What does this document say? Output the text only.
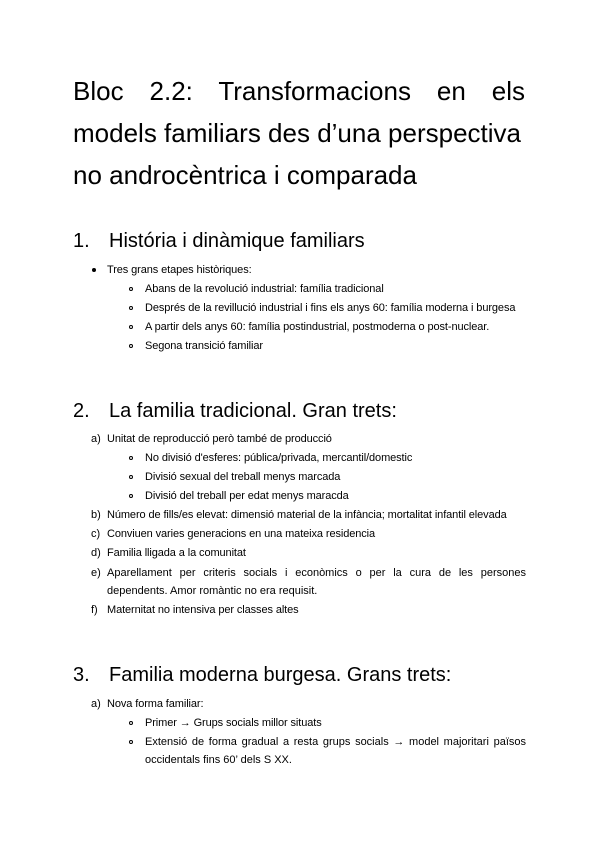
Bloc 2.2: Transformacions en els
models familiars des d’una perspectiva
no androcèntrica i comparada
1. História i dinàmique familiars
Tres grans etapes històriques:
Abans de la revolució industrial: família tradicional
Després de la revillució industrial i fins els anys 60: família moderna i burgesa
A partir dels anys 60: família postindustrial, postmoderna o post-nuclear.
Segona transició familiar
2. La familia tradicional. Gran trets:
a) Unitat de reproducció però també de producció
No divisió d'esferes: pública/privada, mercantil/domestic
Divisió sexual del treball menys marcada
Divisió del treball per edat menys maracda
b) Número de fills/es elevat: dimensió material de la infància; mortalitat infantil elevada
c) Conviuen varies generacions en una mateixa residencia
d) Familia lligada a la comunitat
e) Aparellament per criteris socials i econòmics o per la cura de les persones
dependents. Amor romàntic no era requisit.
f) Maternitat no intensiva per classes altes
3. Familia moderna burgesa. Grans trets:
a) Nova forma familiar:
Primer → Grups socials millor situats
Extensió de forma gradual a resta grups socials → model majoritari països
occidentals fins 60’ dels S XX.
